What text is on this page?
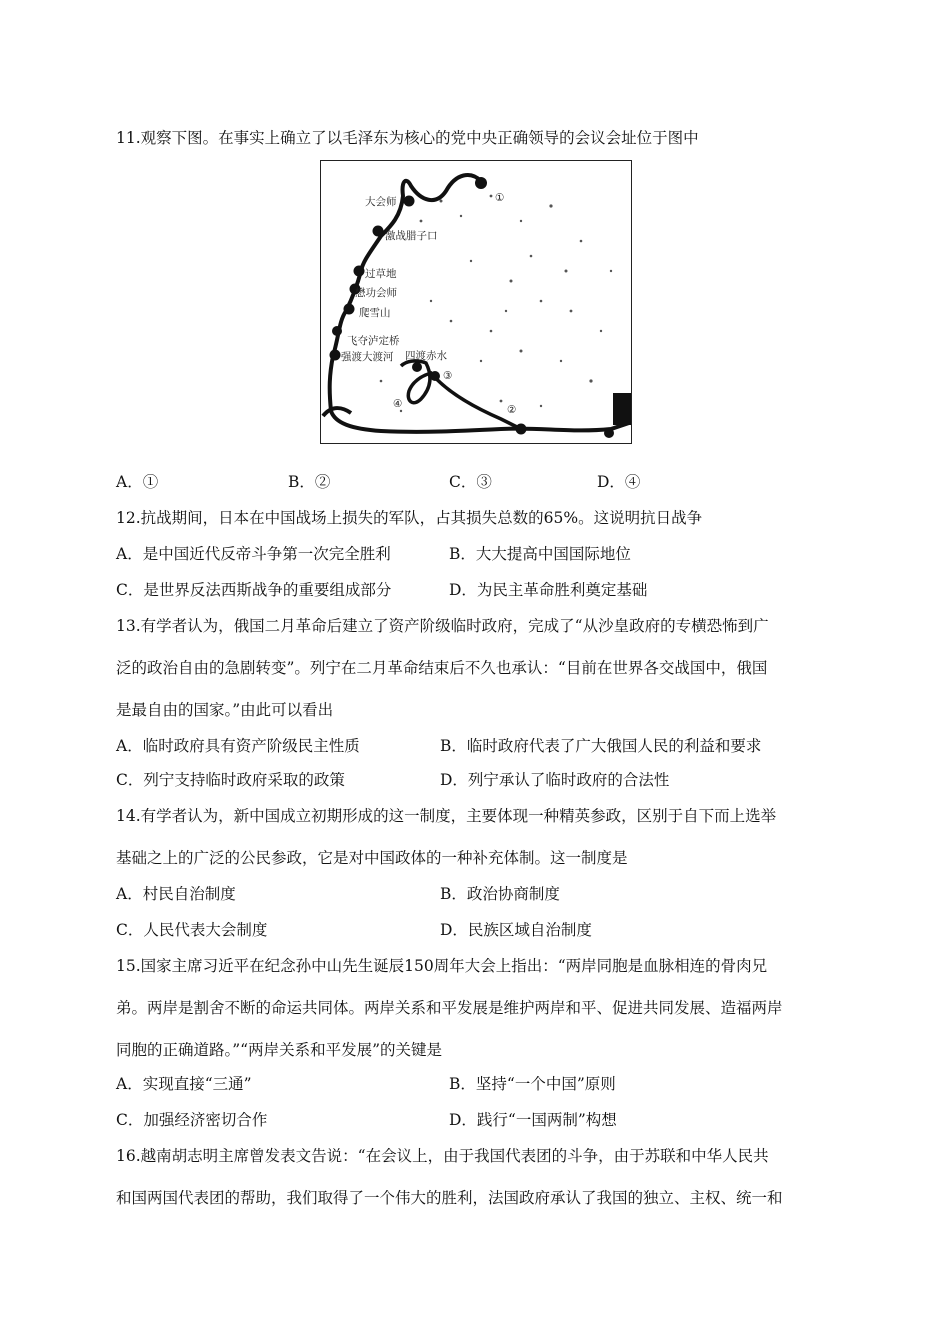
11.观察下图。在事实上确立了以毛泽东为核心的党中央正确领导的会议会址位于图中
大会师
激战腊子口
过草地
懋功会师
爬雪山
飞夺泸定桥
强渡大渡河 四渡赤水
①
②
③
④
A．①	B．②	C．③	D．④
12.抗战期间，日本在中国战场上损失的军队，占其损失总数的65%。这说明抗日战争
A．是中国近代反帝斗争第一次完全胜利	B．大大提高中国国际地位
C．是世界反法西斯战争的重要组成部分	D．为民主革命胜利奠定基础
13.有学者认为，俄国二月革命后建立了资产阶级临时政府，完成了“从沙皇政府的专横恐怖到广
泛的政治自由的急剧转变”。列宁在二月革命结束后不久也承认：“目前在世界各交战国中，俄国
是最自由的国家。”由此可以看出
A．临时政府具有资产阶级民主性质	B．临时政府代表了广大俄国人民的利益和要求
C．列宁支持临时政府采取的政策	D．列宁承认了临时政府的合法性
14.有学者认为，新中国成立初期形成的这一制度，主要体现一种精英参政，区别于自下而上选举
基础之上的广泛的公民参政，它是对中国政体的一种补充体制。这一制度是
A．村民自治制度	B．政治协商制度
C．人民代表大会制度	D．民族区域自治制度
15.国家主席习近平在纪念孙中山先生诞辰150周年大会上指出：“两岸同胞是血脉相连的骨肉兄
弟。两岸是割舍不断的命运共同体。两岸关系和平发展是维护两岸和平、促进共同发展、造福两岸
同胞的正确道路。”“两岸关系和平发展”的关键是
A．实现直接“三通”	B．坚持“一个中国”原则
C．加强经济密切合作	D．践行“一国两制”构想
16.越南胡志明主席曾发表文告说：“在会议上，由于我国代表团的斗争，由于苏联和中华人民共
和国两国代表团的帮助，我们取得了一个伟大的胜利，法国政府承认了我国的独立、主权、统一和
